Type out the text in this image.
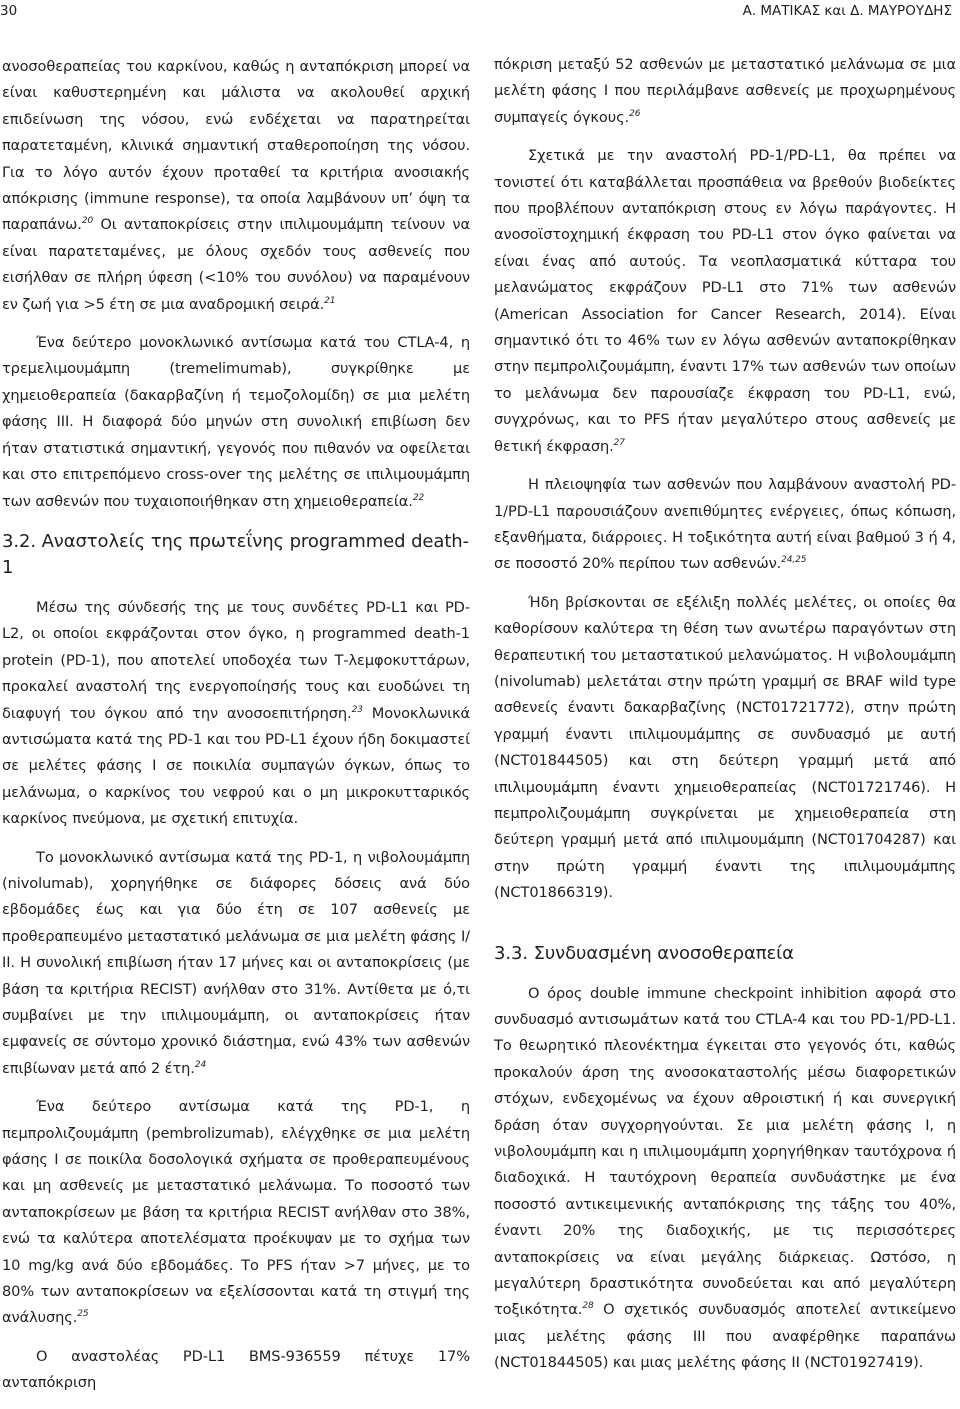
30	Α. ΜΑΤΙΚΑΣ και Δ. ΜΑΥΡΟΥΔΗΣ

ανοσοθεραπείας του καρκίνου, καθώς η ανταπόκριση μπορεί να είναι καθυστερημένη και μάλιστα να ακολουθεί αρχική επιδείνωση της νόσου, ενώ ενδέχεται να παρατηρείται παρατεταμένη, κλινικά σημαντική σταθεροποίηση της νόσου. Για το λόγο αυτόν έχουν προταθεί τα κριτήρια ανοσιακής απόκρισης (immune response), τα οποία λαμβάνουν υπ’ όψη τα παραπάνω.$^{20}$ Οι ανταποκρίσεις στην ιπιλιμουμάμπη τείνουν να είναι παρατεταμένες, με όλους σχεδόν τους ασθενείς που εισήλθαν σε πλήρη ύφεση (<10% του συνόλου) να παραμένουν εν ζωή για >5 έτη σε μια αναδρομική σειρά.$^{21}$

Ένα δεύτερο μονοκλωνικό αντίσωμα κατά του CTLA-4, η τρεμελιμουμάμπη (tremelimumab), συγκρίθηκε με χημειοθεραπεία (δακαρβαζίνη ή τεμοζολομίδη) σε μια μελέτη φάσης ΙΙΙ. Η διαφορά δύο μηνών στη συνολική επιβίωση δεν ήταν στατιστικά σημαντική, γεγονός που πιθανόν να οφείλεται και στο επιτρεπόμενο cross-over της μελέτης σε ιπιλιμουμάμπη των ασθενών που τυχαιοποιήθηκαν στη χημειοθεραπεία.$^{22}$

3.2. Αναστολείς της πρωτεΐνης programmed death-1

Μέσω της σύνδεσής της με τους συνδέτες PD-L1 και PD-L2, οι οποίοι εκφράζονται στον όγκο, η programmed death-1 protein (PD-1), που αποτελεί υποδοχέα των Τ-λεμφοκυττάρων, προκαλεί αναστολή της ενεργοποίησής τους και ευοδώνει τη διαφυγή του όγκου από την ανοσοεπιτήρηση.$^{23}$ Μονοκλωνικά αντισώματα κατά της PD-1 και του PD-L1 έχουν ήδη δοκιμαστεί σε μελέτες φάσης Ι σε ποικιλία συμπαγών όγκων, όπως το μελάνωμα, ο καρκίνος του νεφρού και ο μη μικροκυτταρικός καρκίνος πνεύμονα, με σχετική επιτυχία.

Το μονοκλωνικό αντίσωμα κατά της PD-1, η νιβολουμάμπη (nivolumab), χορηγήθηκε σε διάφορες δόσεις ανά δύο εβδομάδες έως και για δύο έτη σε 107 ασθενείς με προθεραπευμένο μεταστατικό μελάνωμα σε μια μελέτη φάσης Ι/ΙΙ. Η συνολική επιβίωση ήταν 17 μήνες και οι ανταποκρίσεις (με βάση τα κριτήρια RECIST) ανήλθαν στο 31%. Αντίθετα με ό,τι συμβαίνει με την ιπιλιμουμάμπη, οι ανταποκρίσεις ήταν εμφανείς σε σύντομο χρονικό διάστημα, ενώ 43% των ασθενών επιβίωναν μετά από 2 έτη.$^{24}$

Ένα δεύτερο αντίσωμα κατά της PD-1, η πεμπρολιζουμάμπη (pembrolizumab), ελέγχθηκε σε μια μελέτη φάσης Ι σε ποικίλα δοσολογικά σχήματα σε προθεραπευμένους και μη ασθενείς με μεταστατικό μελάνωμα. Το ποσοστό των ανταποκρίσεων με βάση τα κριτήρια RECIST ανήλθαν στο 38%, ενώ τα καλύτερα αποτελέσματα προέκυψαν με το σχήμα των 10 mg/kg ανά δύο εβδομάδες. Το PFS ήταν >7 μήνες, με το 80% των ανταποκρίσεων να εξελίσσονται κατά τη στιγμή της ανάλυσης.$^{25}$

Ο αναστολέας PD-L1 BMS-936559 πέτυχε 17% ανταπόκριση

πόκριση μεταξύ 52 ασθενών με μεταστατικό μελάνωμα σε μια μελέτη φάσης Ι που περιλάμβανε ασθενείς με προχωρημένους συμπαγείς όγκους.$^{26}$

Σχετικά με την αναστολή PD-1/PD-L1, θα πρέπει να τονιστεί ότι καταβάλλεται προσπάθεια να βρεθούν βιοδείκτες που προβλέπουν ανταπόκριση στους εν λόγω παράγοντες. Η ανοσοϊστοχημική έκφραση του PD-L1 στον όγκο φαίνεται να είναι ένας από αυτούς. Τα νεοπλασματικά κύτταρα του μελανώματος εκφράζουν PD-L1 στο 71% των ασθενών (American Association for Cancer Research, 2014). Είναι σημαντικό ότι το 46% των εν λόγω ασθενών ανταποκρίθηκαν στην πεμπρολιζουμάμπη, έναντι 17% των ασθενών των οποίων το μελάνωμα δεν παρουσίαζε έκφραση του PD-L1, ενώ, συγχρόνως, και το PFS ήταν μεγαλύτερο στους ασθενείς με θετική έκφραση.$^{27}$

Η πλειοψηφία των ασθενών που λαμβάνουν αναστολή PD-1/PD-L1 παρουσιάζουν ανεπιθύμητες ενέργειες, όπως κόπωση, εξανθήματα, διάρροιες. Η τοξικότητα αυτή είναι βαθμού 3 ή 4, σε ποσοστό 20% περίπου των ασθενών.$^{24,25}$

Ήδη βρίσκονται σε εξέλιξη πολλές μελέτες, οι οποίες θα καθορίσουν καλύτερα τη θέση των ανωτέρω παραγόντων στη θεραπευτική του μεταστατικού μελανώματος. Η νιβολουμάμπη (nivolumab) μελετάται στην πρώτη γραμμή σε BRAF wild type ασθενείς έναντι δακαρβαζίνης (NCT01721772), στην πρώτη γραμμή έναντι ιπιλιμουμάμπης σε συνδυασμό με αυτή (NCT01844505) και στη δεύτερη γραμμή μετά από ιπιλιμουμάμπη έναντι χημειοθεραπείας (NCT01721746). Η πεμπρολιζουμάμπη συγκρίνεται με χημειοθεραπεία στη δεύτερη γραμμή μετά από ιπιλιμουμάμπη (NCT01704287) και στην πρώτη γραμμή έναντι της ιπιλιμουμάμπης (NCT01866319).

3.3. Συνδυασμένη ανοσοθεραπεία

Ο όρος double immune checkpoint inhibition αφορά στο συνδυασμό αντισωμάτων κατά του CTLA-4 και του PD-1/PD-L1. Το θεωρητικό πλεονέκτημα έγκειται στο γεγονός ότι, καθώς προκαλούν άρση της ανοσοκαταστολής μέσω διαφορετικών στόχων, ενδεχομένως να έχουν αθροιστική ή και συνεργική δράση όταν συγχορηγούνται. Σε μια μελέτη φάσης Ι, η νιβολουμάμπη και η ιπιλιμουμάμπη χορηγήθηκαν ταυτόχρονα ή διαδοχικά. Η ταυτόχρονη θεραπεία συνδυάστηκε με ένα ποσοστό αντικειμενικής ανταπόκρισης της τάξης του 40%, έναντι 20% της διαδοχικής, με τις περισσότερες ανταποκρίσεις να είναι μεγάλης διάρκειας. Ωστόσο, η μεγαλύτερη δραστικότητα συνοδεύεται και από μεγαλύτερη τοξικότητα.$^{28}$ Ο σχετικός συνδυασμός αποτελεί αντικείμενο μιας μελέτης φάσης ΙΙΙ που αναφέρθηκε παραπάνω (NCT01844505) και μιας μελέτης φάσης ΙΙ (NCT01927419).
